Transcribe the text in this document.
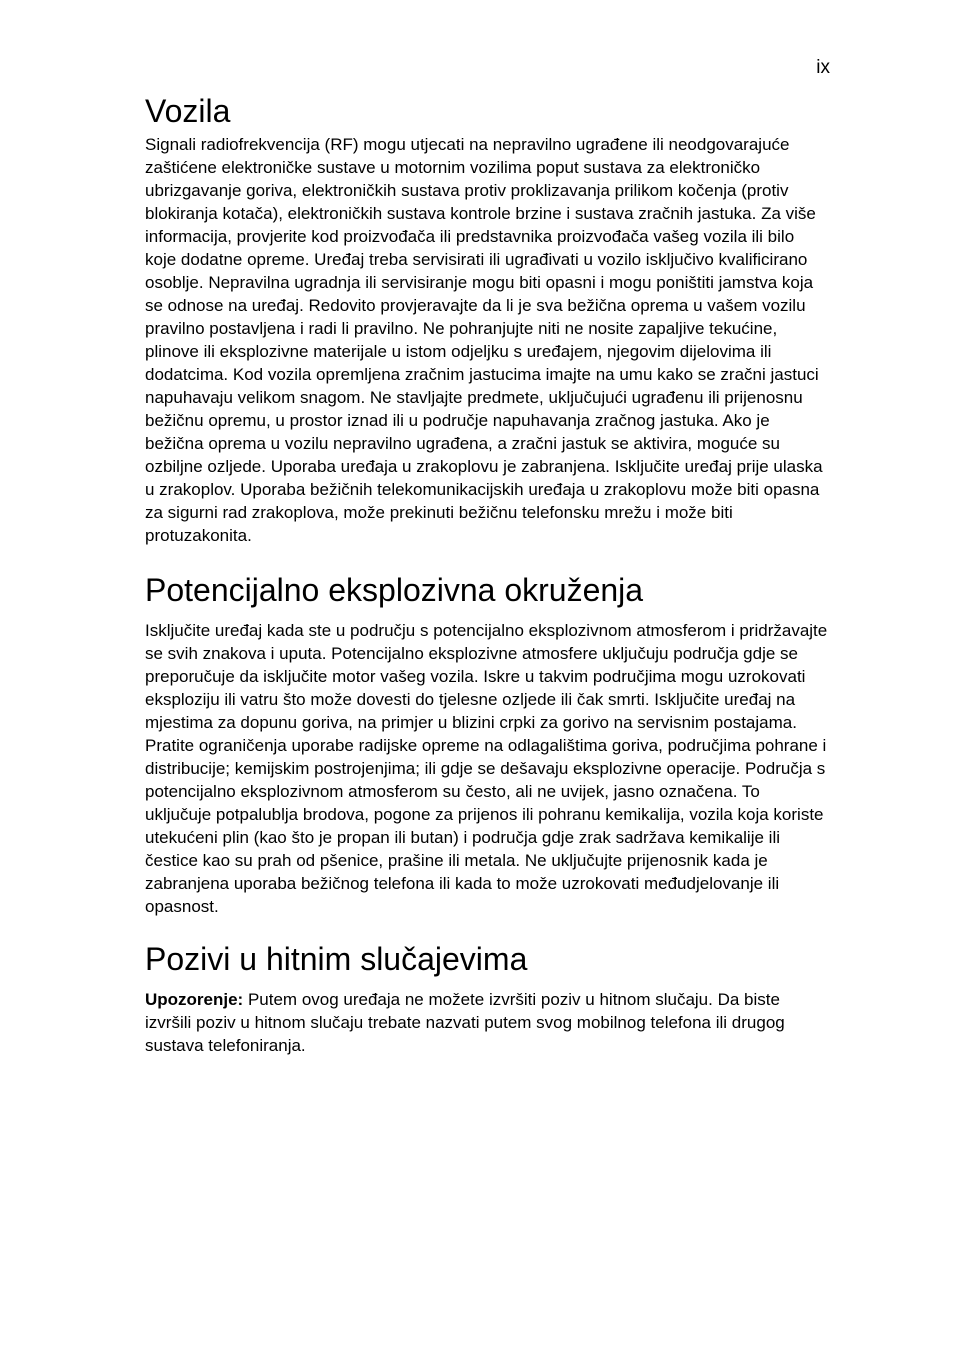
ix
Vozila

Signali radiofrekvencija (RF) mogu utjecati na nepravilno ugrađene ili neodgovarajuće zaštićene elektroničke sustave u motornim vozilima poput sustava za elektroničko ubrizgavanje goriva, elektroničkih sustava protiv proklizavanja prilikom kočenja (protiv blokiranja kotača), elektroničkih sustava kontrole brzine i sustava zračnih jastuka. Za više informacija, provjerite kod proizvođača ili predstavnika proizvođača vašeg vozila ili bilo koje dodatne opreme. Uređaj treba servisirati ili ugrađivati u vozilo isključivo kvalificirano osoblje. Nepravilna ugradnja ili servisiranje mogu biti opasni i mogu poništiti jamstva koja se odnose na uređaj. Redovito provjeravajte da li je sva bežična oprema u vašem vozilu pravilno postavljena i radi li pravilno. Ne pohranjujte niti ne nosite zapaljive tekućine, plinove ili eksplozivne materijale u istom odjeljku s uređajem, njegovim dijelovima ili dodatcima. Kod vozila opremljena zračnim jastucima imajte na umu kako se zračni jastuci napuhavaju velikom snagom. Ne stavljajte predmete, uključujući ugrađenu ili prijenosnu bežičnu opremu, u prostor iznad ili u područje napuhavanja zračnog jastuka. Ako je bežična oprema u vozilu nepravilno ugrađena, a zračni jastuk se aktivira, moguće su ozbiljne ozljede. Uporaba uređaja u zrakoplovu je zabranjena. Isključite uređaj prije ulaska u zrakoplov. Uporaba bežičnih telekomunikacijskih uređaja u zrakoplovu može biti opasna za sigurni rad zrakoplova, može prekinuti bežičnu telefonsku mrežu i može biti protuzakonita.

Potencijalno eksplozivna okruženja

Isključite uređaj kada ste u području s potencijalno eksplozivnom atmosferom i pridržavajte se svih znakova i uputa. Potencijalno eksplozivne atmosfere uključuju područja gdje se preporučuje da isključite motor vašeg vozila. Iskre u takvim područjima mogu uzrokovati eksploziju ili vatru što može dovesti do tjelesne ozljede ili čak smrti. Isključite uređaj na mjestima za dopunu goriva, na primjer u blizini crpki za gorivo na servisnim postajama. Pratite ograničenja uporabe radijske opreme na odlagalištima goriva, područjima pohrane i distribucije; kemijskim postrojenjima; ili gdje se dešavaju eksplozivne operacije. Područja s potencijalno eksplozivnom atmosferom su često, ali ne uvijek, jasno označena. To uključuje potpalublja brodova, pogone za prijenos ili pohranu kemikalija, vozila koja koriste utekućeni plin (kao što je propan ili butan) i područja gdje zrak sadržava kemikalije ili čestice kao su prah od pšenice, prašine ili metala. Ne uključujte prijenosnik kada je zabranjena uporaba bežičnog telefona ili kada to može uzrokovati međudjelovanje ili opasnost.

Pozivi u hitnim slučajevima

Upozorenje: Putem ovog uređaja ne možete izvršiti poziv u hitnom slučaju. Da biste izvršili poziv u hitnom slučaju trebate nazvati putem svog mobilnog telefona ili drugog sustava telefoniranja.
